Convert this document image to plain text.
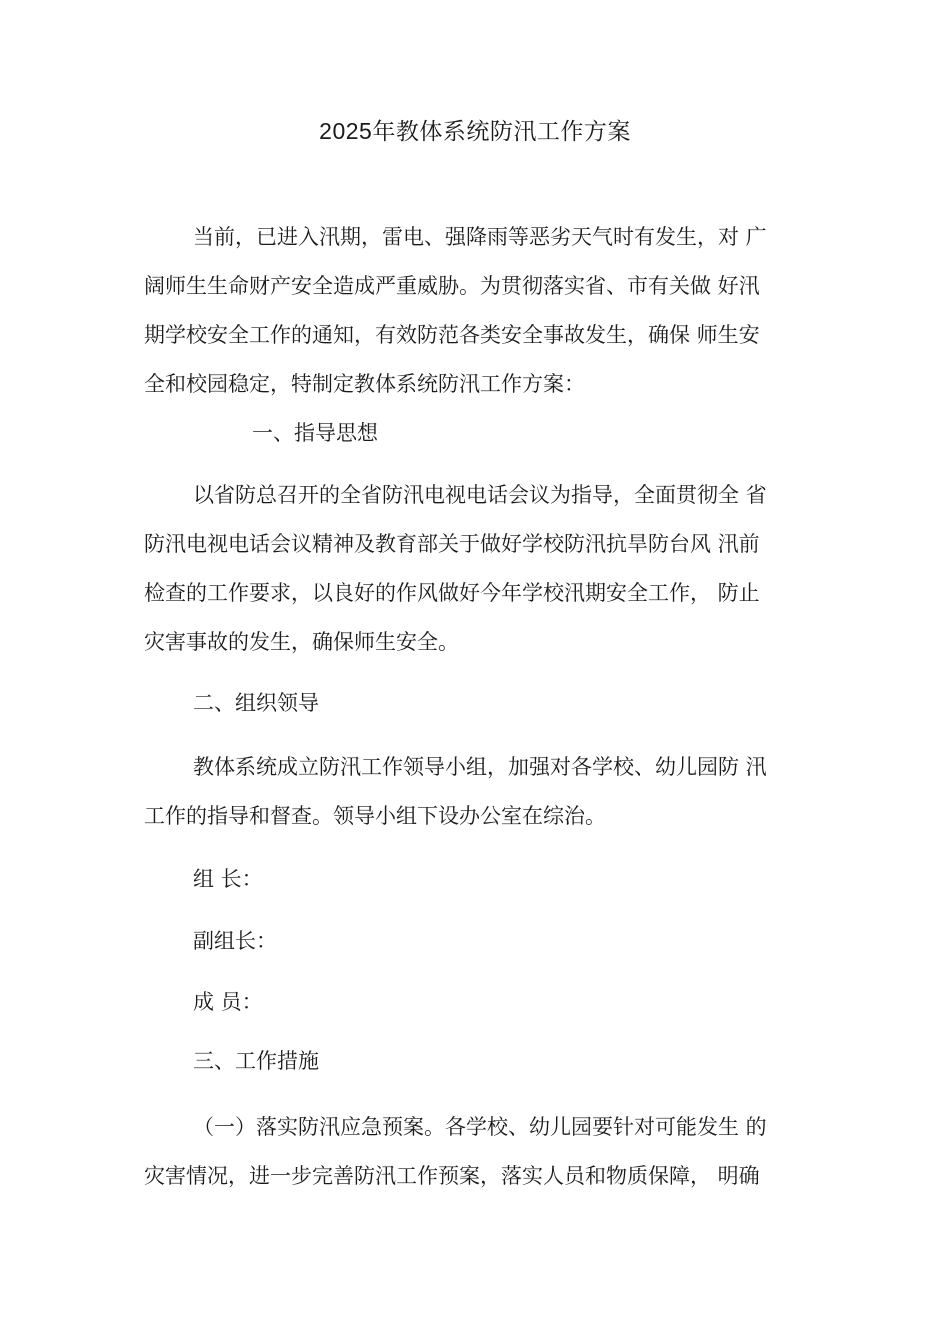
2025年教体系统防汛工作方案
当前，已进入汛期，雷电、强降雨等恶劣天气时有发生，对 广
阔师生生命财产安全造成严重威胁。为贯彻落实省、市有关做 好汛
期学校安全工作的通知，有效防范各类安全事故发生，确保 师生安
全和校园稳定，特制定教体系统防汛工作方案：
一、指导思想
以省防总召开的全省防汛电视电话会议为指导，全面贯彻全 省
防汛电视电话会议精神及教育部关于做好学校防汛抗旱防台风 汛前
检查的工作要求，以良好的作风做好今年学校汛期安全工作， 防止
灾害事故的发生，确保师生安全。
二、组织领导
教体系统成立防汛工作领导小组，加强对各学校、幼儿园防 汛
工作的指导和督查。领导小组下设办公室在综治。
组 长：
副组长：
成 员：
三、工作措施
（一）落实防汛应急预案。各学校、幼儿园要针对可能发生 的
灾害情况，进一步完善防汛工作预案，落实人员和物质保障， 明确
